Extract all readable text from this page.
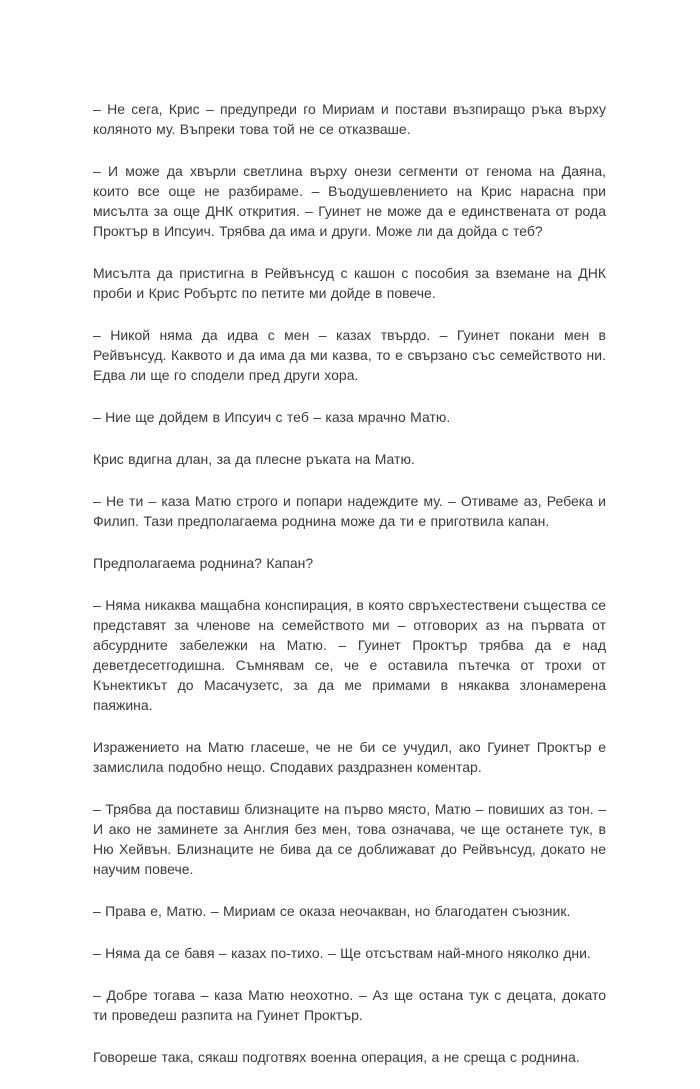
– Не сега, Крис – предупреди го Мириам и постави възпиращо ръка върху коляното му. Въпреки това той не се отказваше.

– И може да хвърли светлина върху онези сегменти от генома на Даяна, които все още не разбираме. – Въодушевлението на Крис нарасна при мисълта за още ДНК открития. – Гуинет не може да е единствената от рода Проктър в Ипсуич. Трябва да има и други. Може ли да дойда с теб?

Мисълта да пристигна в Рейвънсуд с кашон с пособия за вземане на ДНК проби и Крис Робъртс по петите ми дойде в повече.

– Никой няма да идва с мен – казах твърдо. – Гуинет покани мен в Рейвънсуд. Каквото и да има да ми казва, то е свързано със семейството ни. Едва ли ще го сподели пред други хора.

– Ние ще дойдем в Ипсуич с теб – каза мрачно Матю.

Крис вдигна длан, за да плесне ръката на Матю.

– Не ти – каза Матю строго и попари надеждите му. – Отиваме аз, Ребека и Филип. Тази предполагаема роднина може да ти е приготвила капан.

Предполагаема роднина? Капан?

– Няма никаква мащабна конспирация, в която свръхестествени същества се представят за членове на семейството ми – отговорих аз на първата от абсурдните забележки на Матю. – Гуинет Проктър трябва да е над деветдесетгодишна. Съмнявам се, че е оставила пътечка от трохи от Кънектикът до Масачузетс, за да ме примами в някаква злонамерена паяжина.

Изражението на Матю гласеше, че не би се учудил, ако Гуинет Проктър е замислила подобно нещо. Сподавих раздразнен коментар.

– Трябва да поставиш близнаците на първо място, Матю – повиших аз тон. – И ако не заминете за Англия без мен, това означава, че ще останете тук, в Ню Хейвън. Близнаците не бива да се доближават до Рейвънсуд, докато не научим повече.

– Права е, Матю. – Мириам се оказа неочакван, но благодатен съюзник.

– Няма да се бавя – казах по-тихо. – Ще отсъствам най-много няколко дни.

– Добре тогава – каза Матю неохотно. – Аз ще остана тук с децата, докато ти проведеш разпита на Гуинет Проктър.

Говореше така, сякаш подготвях военна операция, а не среща с роднина.
